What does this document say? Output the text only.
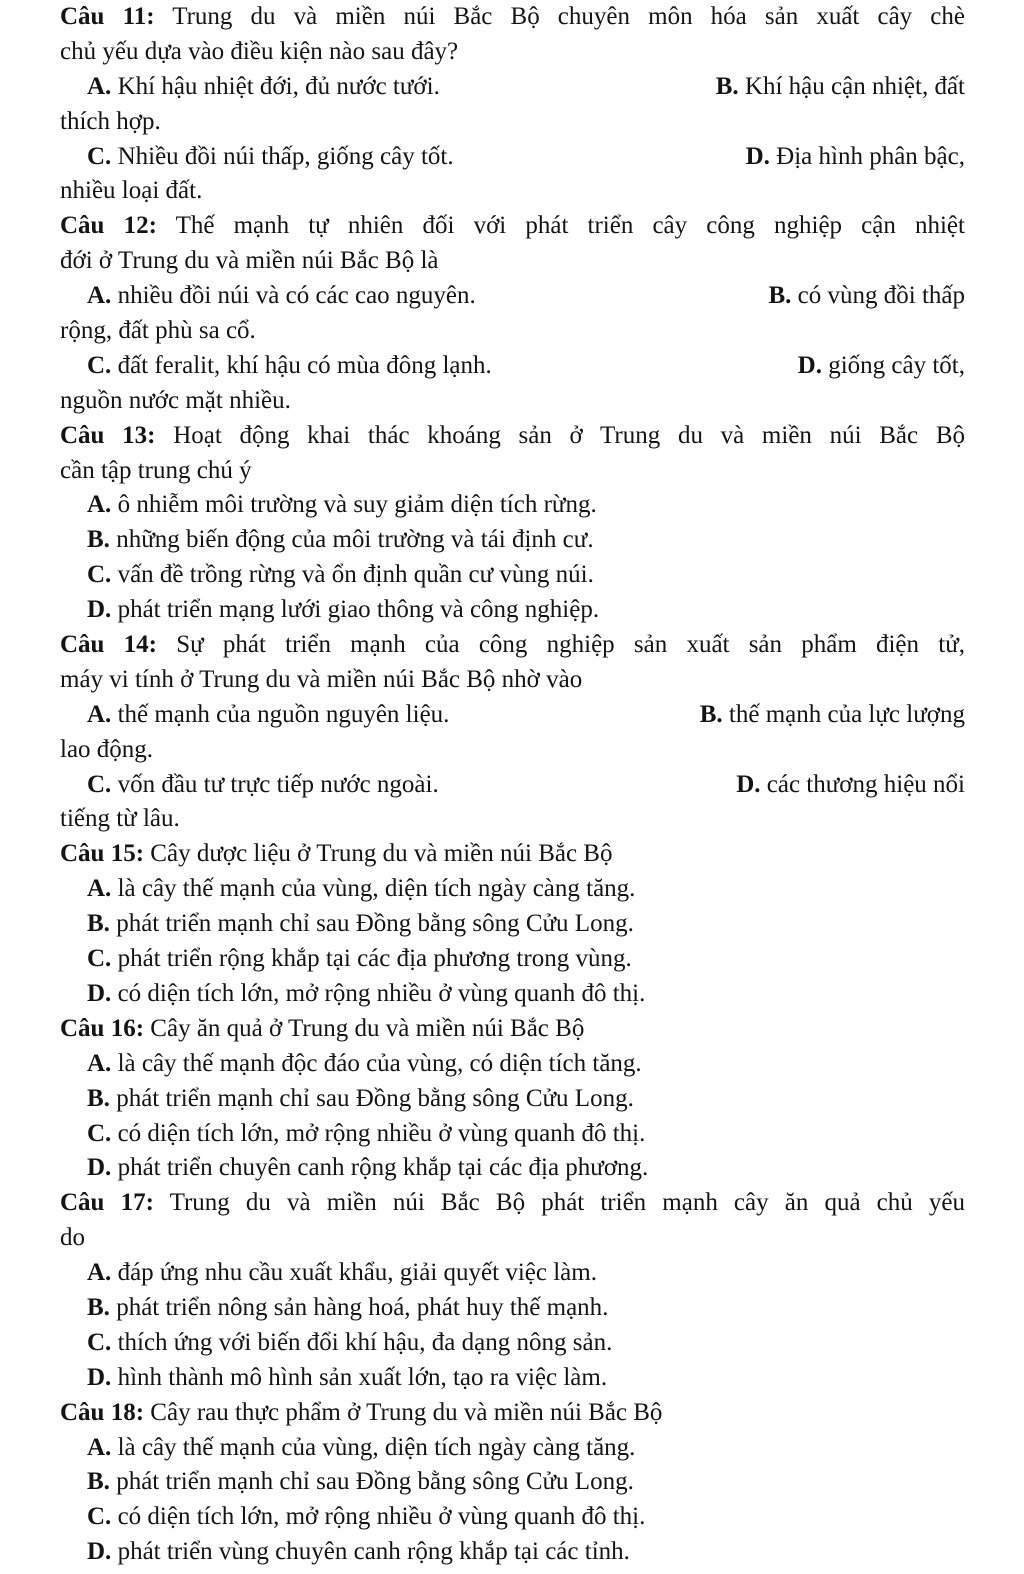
Câu 11: Trung du và miền núi Bắc Bộ chuyên môn hóa sản xuất cây chè
chủ yếu dựa vào điều kiện nào sau đây?
A. Khí hậu nhiệt đới, đủ nước tưới.	B. Khí hậu cận nhiệt, đất
thích hợp.
C. Nhiều đồi núi thấp, giống cây tốt.	D. Địa hình phân bậc,
nhiều loại đất.
Câu 12: Thế mạnh tự nhiên đối với phát triển cây công nghiệp cận nhiệt
đới ở Trung du và miền núi Bắc Bộ là
A. nhiều đồi núi và có các cao nguyên.	B. có vùng đồi thấp
rộng, đất phù sa cổ.
C. đất feralit, khí hậu có mùa đông lạnh.	D. giống cây tốt,
nguồn nước mặt nhiều.
Câu 13: Hoạt động khai thác khoáng sản ở Trung du và miền núi Bắc Bộ
cần tập trung chú ý
A. ô nhiễm môi trường và suy giảm diện tích rừng.
B. những biến động của môi trường và tái định cư.
C. vấn đề trồng rừng và ổn định quần cư vùng núi.
D. phát triển mạng lưới giao thông và công nghiệp.
Câu 14: Sự phát triển mạnh của công nghiệp sản xuất sản phẩm điện tử,
máy vi tính ở Trung du và miền núi Bắc Bộ nhờ vào
A. thế mạnh của nguồn nguyên liệu.	B. thế mạnh của lực lượng
lao động.
C. vốn đầu tư trực tiếp nước ngoài.	D. các thương hiệu nổi
tiếng từ lâu.
Câu 15: Cây dược liệu ở Trung du và miền núi Bắc Bộ
A. là cây thế mạnh của vùng, diện tích ngày càng tăng.
B. phát triển mạnh chỉ sau Đồng bằng sông Cửu Long.
C. phát triển rộng khắp tại các địa phương trong vùng.
D. có diện tích lớn, mở rộng nhiều ở vùng quanh đô thị.
Câu 16: Cây ăn quả ở Trung du và miền núi Bắc Bộ
A. là cây thế mạnh độc đáo của vùng, có diện tích tăng.
B. phát triển mạnh chỉ sau Đồng bằng sông Cửu Long.
C. có diện tích lớn, mở rộng nhiều ở vùng quanh đô thị.
D. phát triển chuyên canh rộng khắp tại các địa phương.
Câu 17: Trung du và miền núi Bắc Bộ phát triển mạnh cây ăn quả chủ yếu
do
A. đáp ứng nhu cầu xuất khẩu, giải quyết việc làm.
B. phát triển nông sản hàng hoá, phát huy thế mạnh.
C. thích ứng với biến đổi khí hậu, đa dạng nông sản.
D. hình thành mô hình sản xuất lớn, tạo ra việc làm.
Câu 18: Cây rau thực phẩm ở Trung du và miền núi Bắc Bộ
A. là cây thế mạnh của vùng, diện tích ngày càng tăng.
B. phát triển mạnh chỉ sau Đồng bằng sông Cửu Long.
C. có diện tích lớn, mở rộng nhiều ở vùng quanh đô thị.
D. phát triển vùng chuyên canh rộng khắp tại các tỉnh.
